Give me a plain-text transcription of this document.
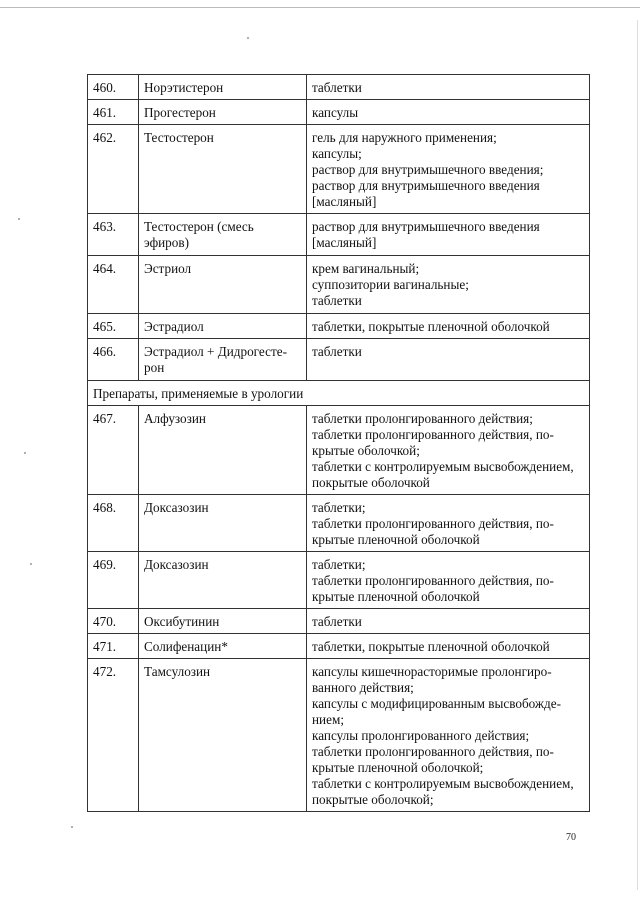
460.	Норэтистерон	таблетки

461.	Прогестерон	капсулы

462.	Тестостерон	гель для наружного применения;
капсулы;
раствор для внутримышечного введения;
раствор для внутримышечного введения [масляный]

463.	Тестостерон (смесь эфиров)	раствор для внутримышечного введения [масляный]

464.	Эстриол	крем вагинальный;
суппозитории вагинальные;
таблетки

465.	Эстрадиол	таблетки, покрытые пленочной оболочкой

466.	Эстрадиол + Дидрогестерон	таблетки

Препараты, применяемые в урологии		
467.	Алфузозин	таблетки пролонгированного действия;
таблетки пролонгированного действия, покрытые оболочкой;
таблетки с контролируемым высвобождением, покрытые оболочкой

468.	Доксазозин	таблетки;
таблетки пролонгированного действия, покрытые пленочной оболочкой

469.	Доксазозин	таблетки;
таблетки пролонгированного действия, покрытые пленочной оболочкой

470.	Оксибутинин	таблетки

471.	Солифенацин*	таблетки, покрытые пленочной оболочкой

472.	Тамсулозин	капсулы кишечнорасторимые пролонгированного действия;
капсулы с модифицированным высвобождением;
капсулы пролонгированного действия;
таблетки пролонгированного действия, покрытые пленочной оболочкой;
таблетки с контролируемым высвобождением, покрытые оболочкой;
70
